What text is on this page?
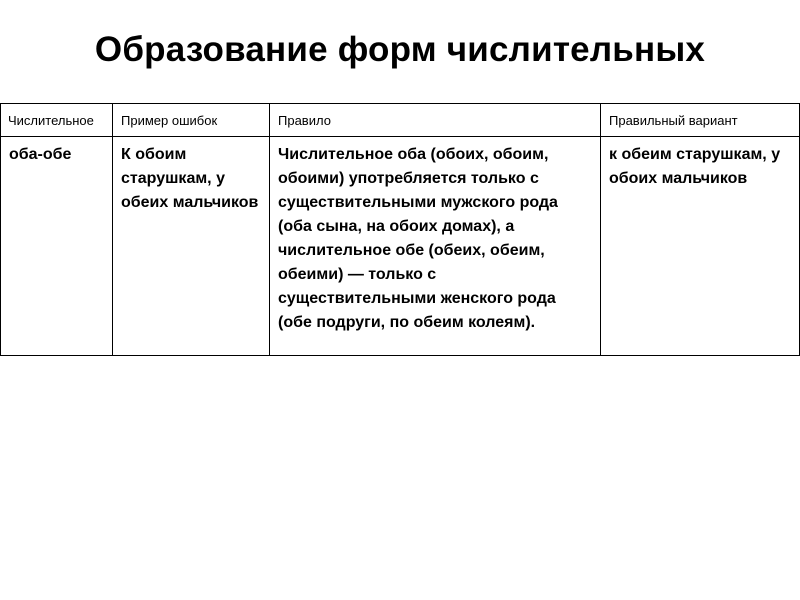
Образование форм числительных
Числительное	Пример ошибок	Правило	Правильный вариант
оба-обе	К обоим старушкам, у обеих мальчиков	Числительное оба (обоих, обоим, обоими) употребляется только с существительными мужского рода (оба сына, на обоих домах), а числительное обе (обеих, обеим, обеими) — только с существительными женского рода (обе подруги, по обеим колеям).	к обеим старушкам, у обоих мальчиков
